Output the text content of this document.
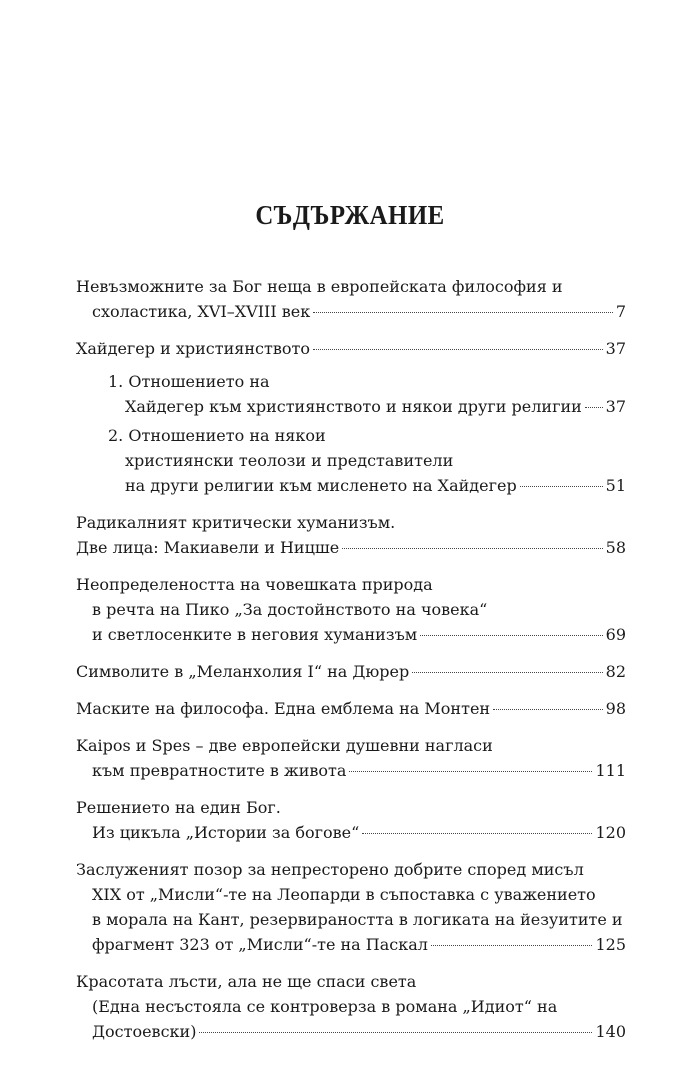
СЪДЪРЖАНИЕ
Невъзможните за Бог неща в европейската философия и
схоластика, XVI–XVIII век	7
Хайдегер и християнството	37
1. Отношението на
Хайдегер към християнството и някои други религии 37
2. Отношението на някои
християнски теолози и представители
на други религии към мисленето на Хайдегер	51
Радикалният критически хуманизъм.
Две лица: Макиавели и Ницше	58
Неопределеността на човешката природа
в речта на Пико „За достойнството на човека“
и светлосенките в неговия хуманизъм	69
Символите в „Меланхолия I“ на Дюрер	82
Маските на философа. Една емблема на Монтен	98
Kaipos и Spes – две европейски душевни нагласи
към превратностите в живота	111
Решението на един Бог.
Из цикъла „Истории за богове“	120
Заслуженият позор за непресторено добрите според мисъл
XIX от „Мисли“-те на Леопарди в съпоставка с уважението
в морала на Кант, резервираността в логиката на йезуитите и
фрагмент 323 от „Мисли“-те на Паскал	125
Красотата лъсти, ала не ще спаси света
(Една несъстояла се контроверза в романа „Идиот“ на
Достоевски)	140
